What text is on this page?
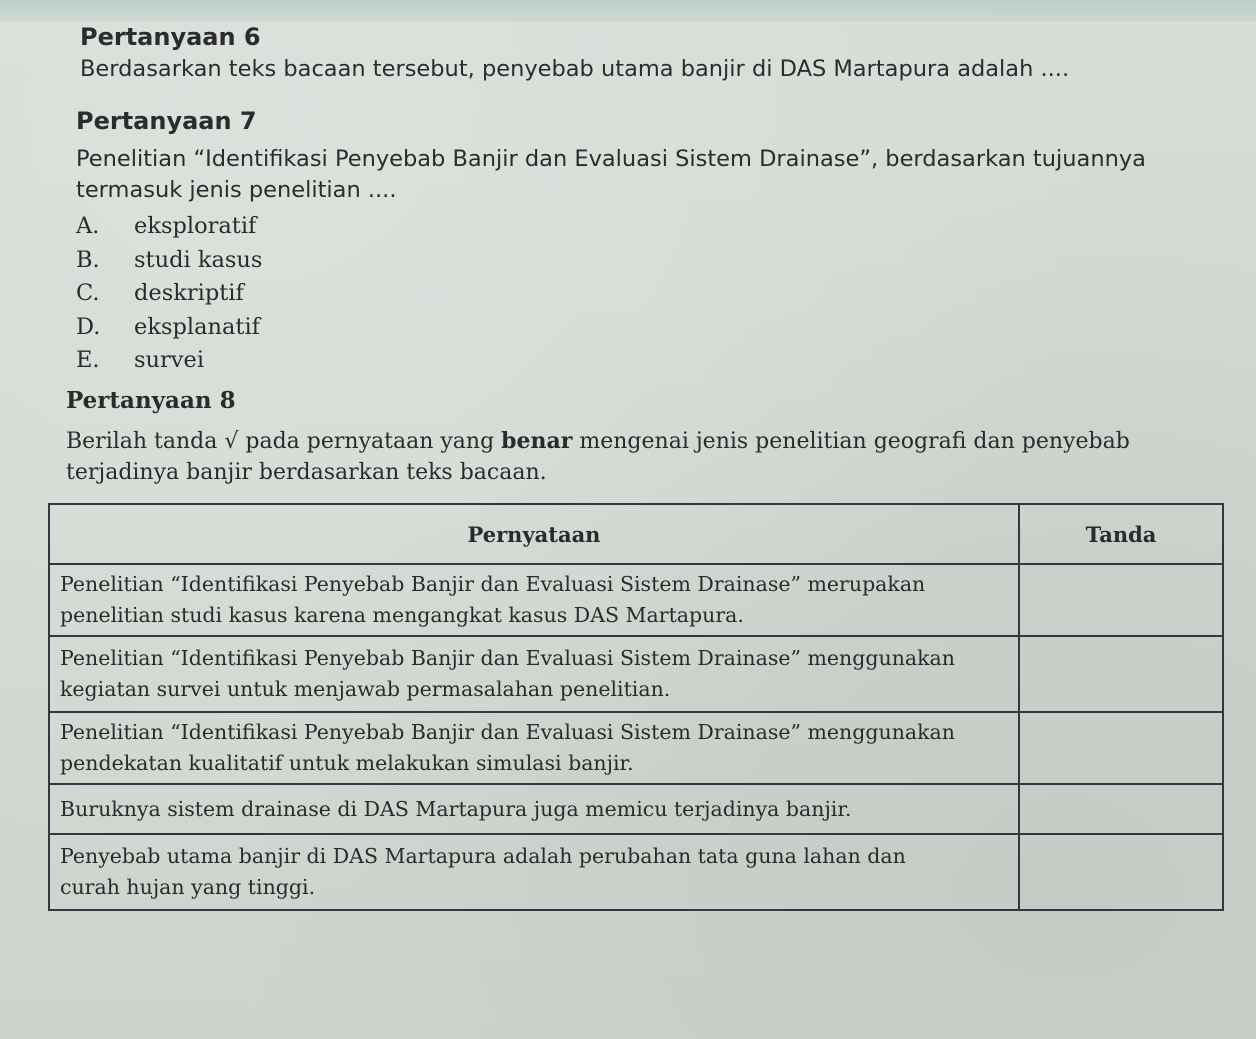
Pertanyaan 6

Berdasarkan teks bacaan tersebut, penyebab utama banjir di DAS Martapura adalah ....

Pertanyaan 7

Penelitian “Identifikasi Penyebab Banjir dan Evaluasi Sistem Drainase”, berdasarkan tujuannya

termasuk jenis penelitian ....

A.	eksploratif
B.	studi kasus
C.	deskriptif
D.	eksplanatif
E.	survei
Pertanyaan 8

Berilah tanda √ pada pernyataan yang benar mengenai jenis penelitian geografi dan penyebab

terjadinya banjir berdasarkan teks bacaan.

Pernyataan	Tanda

Penelitian “Identifikasi Penyebab Banjir dan Evaluasi Sistem Drainase” merupakan
penelitian studi kasus karena mengangkat kasus DAS Martapura.	

Penelitian “Identifikasi Penyebab Banjir dan Evaluasi Sistem Drainase” menggunakan
kegiatan survei untuk menjawab permasalahan penelitian.	

Penelitian “Identifikasi Penyebab Banjir dan Evaluasi Sistem Drainase” menggunakan
pendekatan kualitatif untuk melakukan simulasi banjir.	

Buruknya sistem drainase di DAS Martapura juga memicu terjadinya banjir.	

Penyebab utama banjir di DAS Martapura adalah perubahan tata guna lahan dan
curah hujan yang tinggi.	
